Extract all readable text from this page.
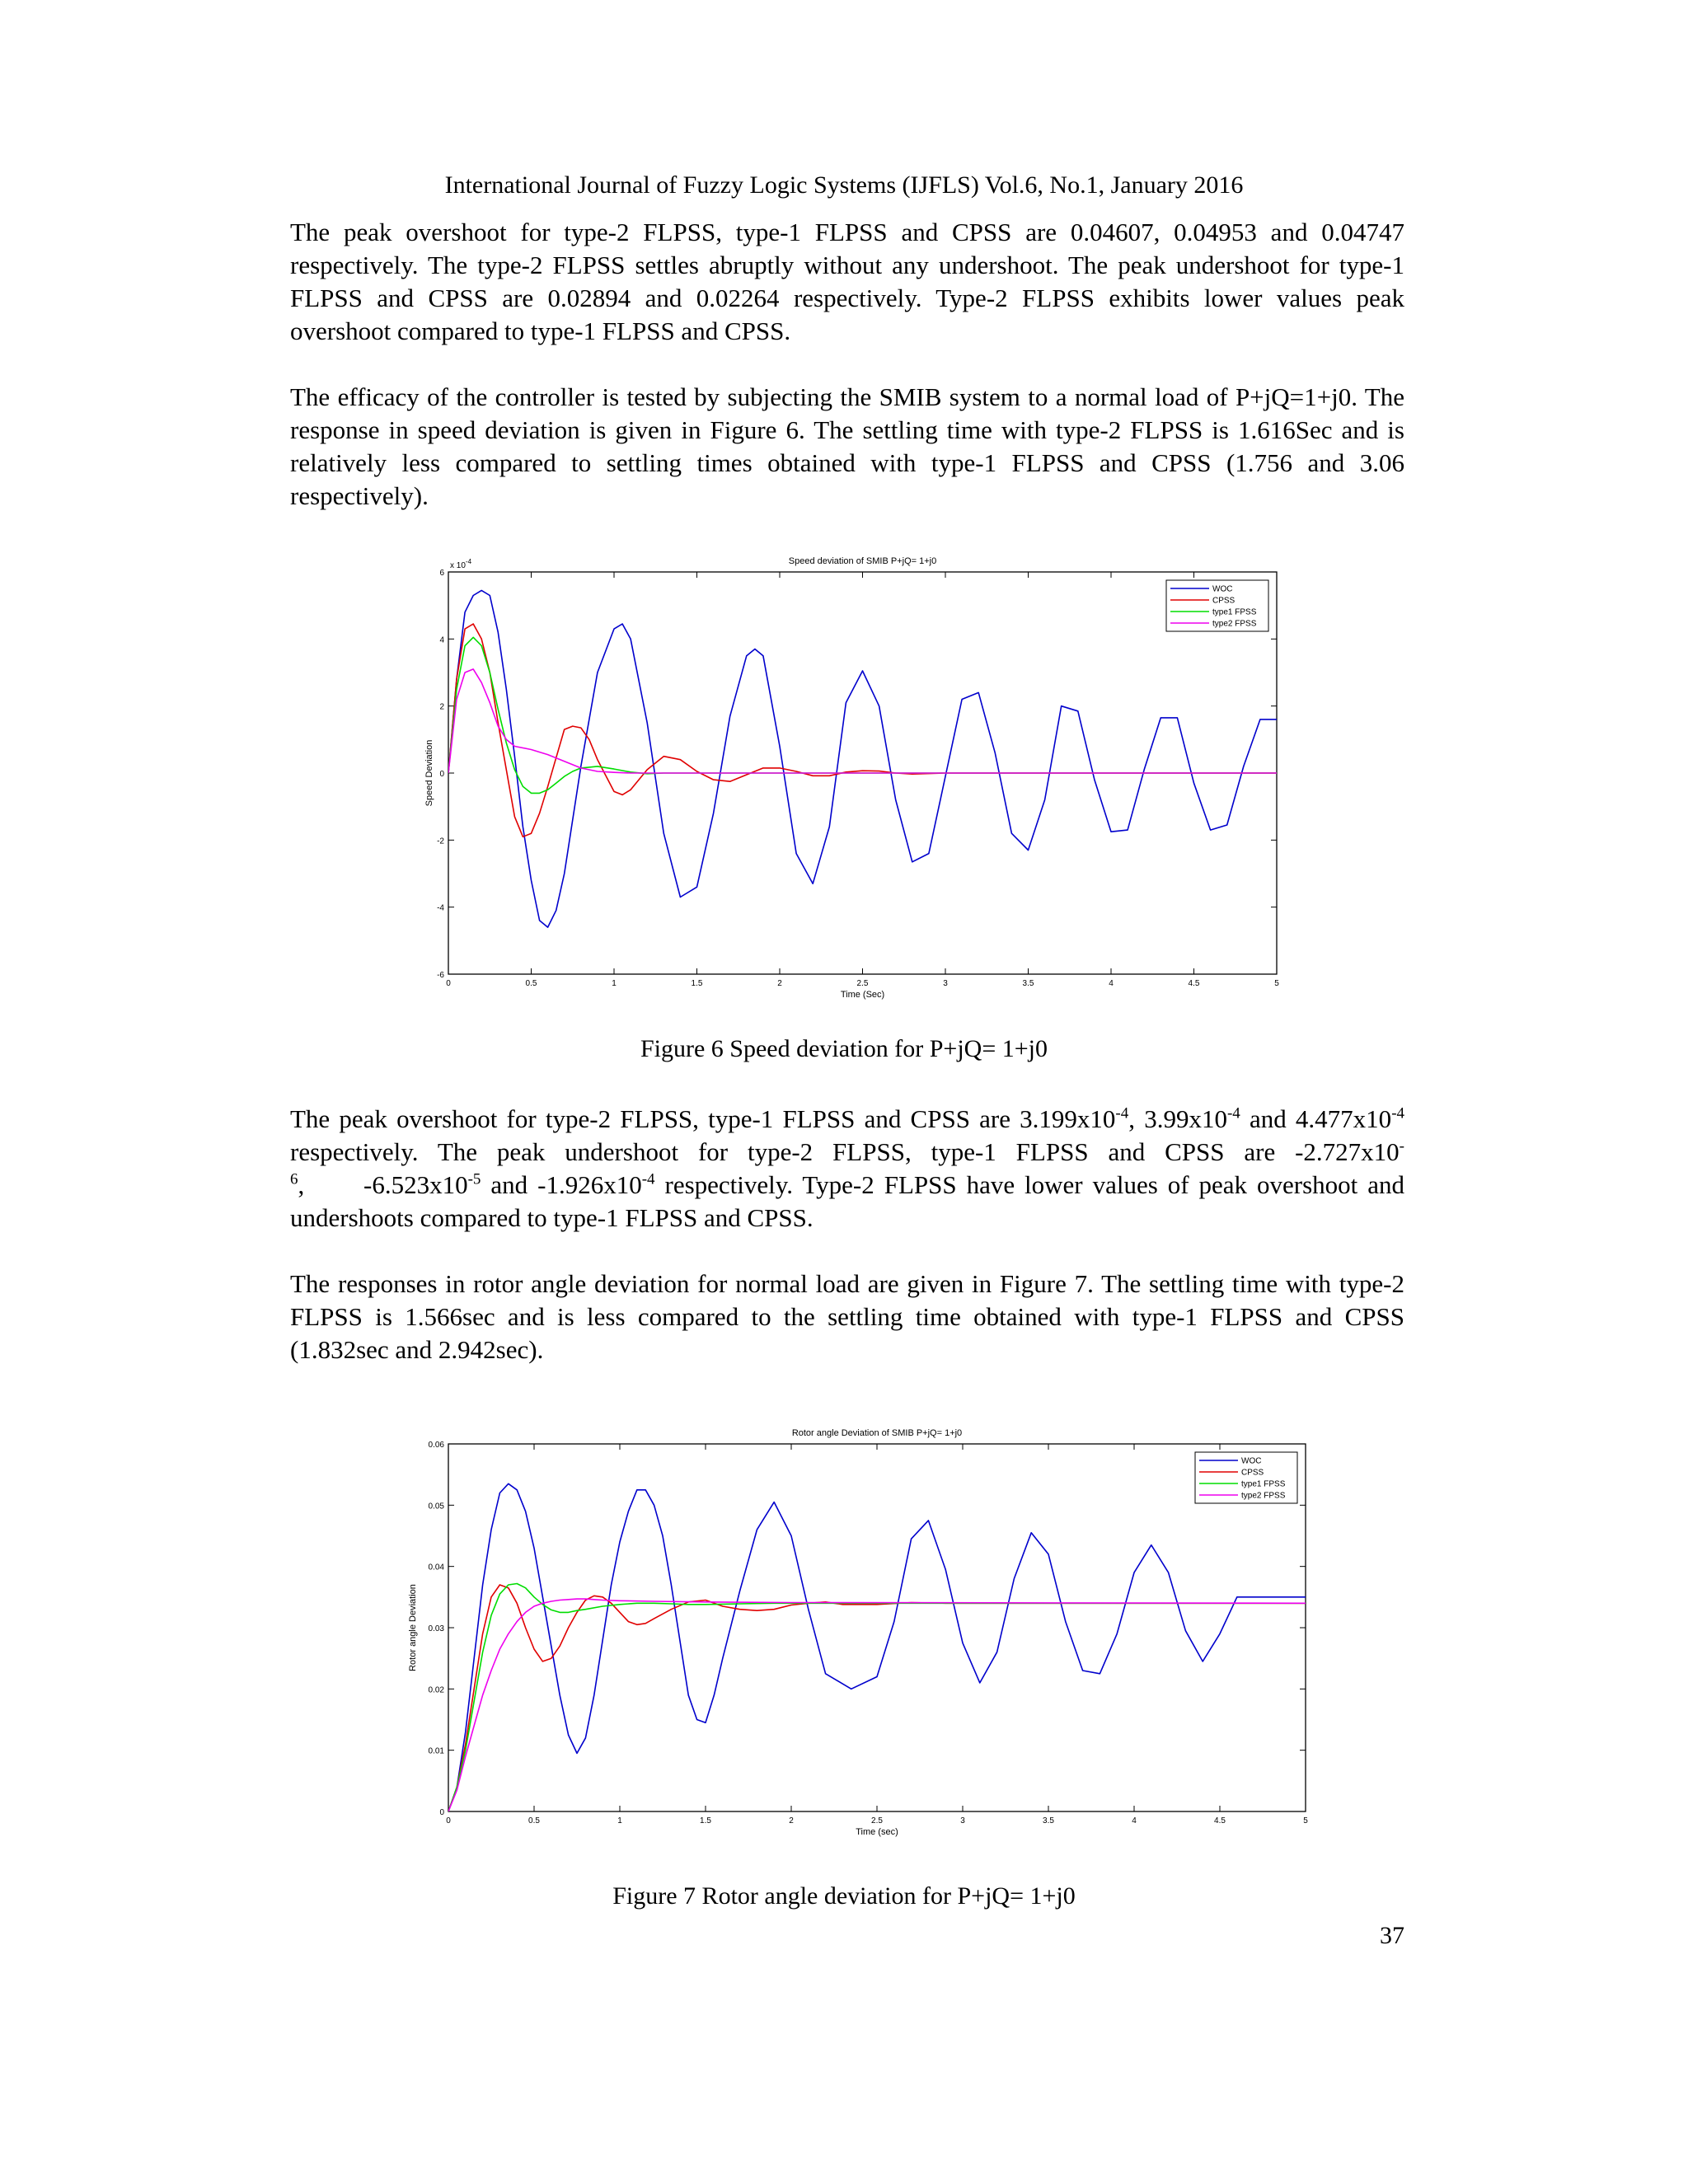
International Journal of Fuzzy Logic Systems (IJFLS) Vol.6, No.1, January 2016

The peak overshoot for type-2 FLPSS, type-1 FLPSS and CPSS are 0.04607, 0.04953 and 0.04747 respectively. The type-2 FLPSS settles abruptly without any undershoot. The peak undershoot for type-1 FLPSS and CPSS are 0.02894 and 0.02264 respectively. Type-2 FLPSS exhibits lower values peak overshoot compared to type-1 FLPSS and CPSS.

The efficacy of the controller is tested by subjecting the SMIB system to a normal load of P+jQ=1+j0. The response in speed deviation is given in Figure 6. The settling time with type-2 FLPSS is 1.616Sec and is relatively less compared to settling times obtained with type-1 FLPSS and CPSS (1.756 and 3.06 respectively).

Speed deviation of SMIB P+jQ= 1+j0
0	0.5	1	1.5	2	2.5	3	3.5	4	4.5	5
-6
-4
-2
0
2
4
6
x $10^{-4}$
Time (Sec)
Speed Deviation
WOC
CPSS
type1 FPSS
type2 FPSS
Figure 6 Speed deviation for P+jQ= 1+j0

The peak overshoot for type-2 FLPSS, type-1 FLPSS and CPSS are $3.199x10^{-4}$, $3.99x10^{-4}$ and $4.477x10^{-4}$ respectively. The peak undershoot for type-2 FLPSS, type-1 FLPSS and CPSS are $-2.727x10^{-6}$,      $-6.523x10^{-5}$ and $-1.926x10^{-4}$ respectively. Type-2 FLPSS have lower values of peak overshoot and undershoots compared to type-1 FLPSS and CPSS.

The responses in rotor angle deviation for normal load are given in Figure 7. The settling time with type-2 FLPSS is 1.566sec and is less compared to the settling time obtained with type-1 FLPSS and CPSS (1.832sec and 2.942sec).

Rotor angle Deviation of SMIB P+jQ= 1+j0
0	0.5	1	1.5	2	2.5	3	3.5	4	4.5	5
0
0.01
0.02
0.03
0.04
0.05
0.06
Time (sec)
Rotor angle Deviation
WOC
CPSS
type1 FPSS
type2 FPSS
Figure 7 Rotor angle deviation for P+jQ= 1+j0
37
